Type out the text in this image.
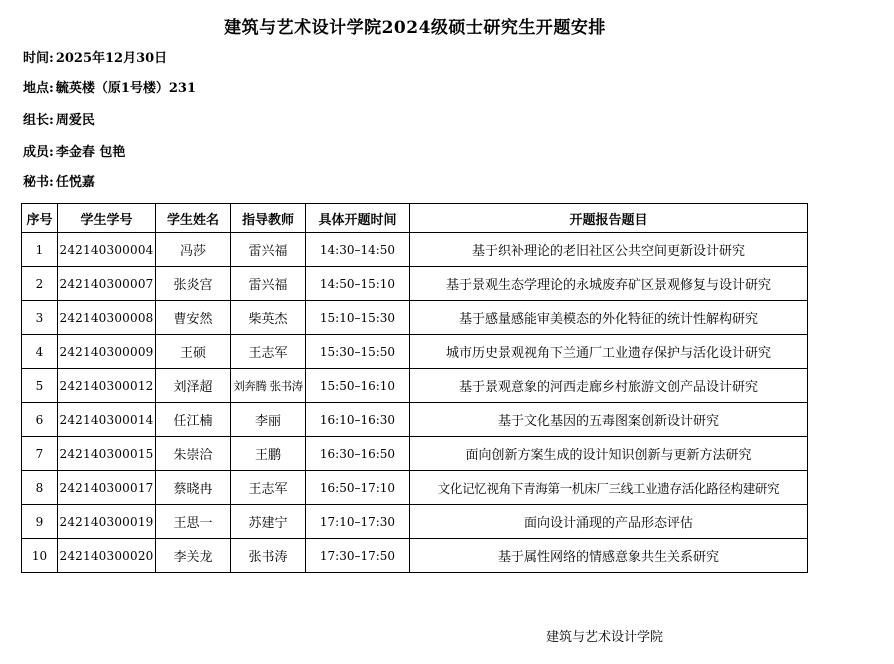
建筑与艺术设计学院2024级硕士研究生开题安排
时间: 2025年12月30日
地点: 毓英楼（原1号楼）231
组长: 周爱民
成员: 李金春 包艳
秘书: 任悦嘉
序号	学生学号	学生姓名	指导教师	具体开题时间	开题报告题目
1	242140300004	冯莎	雷兴福	14:30–14:50	基于织补理论的老旧社区公共空间更新设计研究
2	242140300007	张炎宫	雷兴福	14:50–15:10	基于景观生态学理论的永城废弃矿区景观修复与设计研究
3	242140300008	曹安然	柴英杰	15:10–15:30	基于感量感能审美模态的外化特征的统计性解构研究
4	242140300009	王硕	王志军	15:30–15:50	城市历史景观视角下兰通厂工业遗存保护与活化设计研究
5	242140300012	刘泽超	刘奔腾 张书涛	15:50–16:10	基于景观意象的河西走廊乡村旅游文创产品设计研究
6	242140300014	任江楠	李丽	16:10–16:30	基于文化基因的五毒图案创新设计研究
7	242140300015	朱崇洽	王鹏	16:30–16:50	面向创新方案生成的设计知识创新与更新方法研究
8	242140300017	蔡晓冉	王志军	16:50–17:10	文化记忆视角下青海第一机床厂三线工业遗存活化路径构建研究
9	242140300019	王思一	苏建宁	17:10–17:30	面向设计涌现的产品形态评估
10	242140300020	李关龙	张书涛	17:30–17:50	基于属性网络的情感意象共生关系研究
建筑与艺术设计学院
